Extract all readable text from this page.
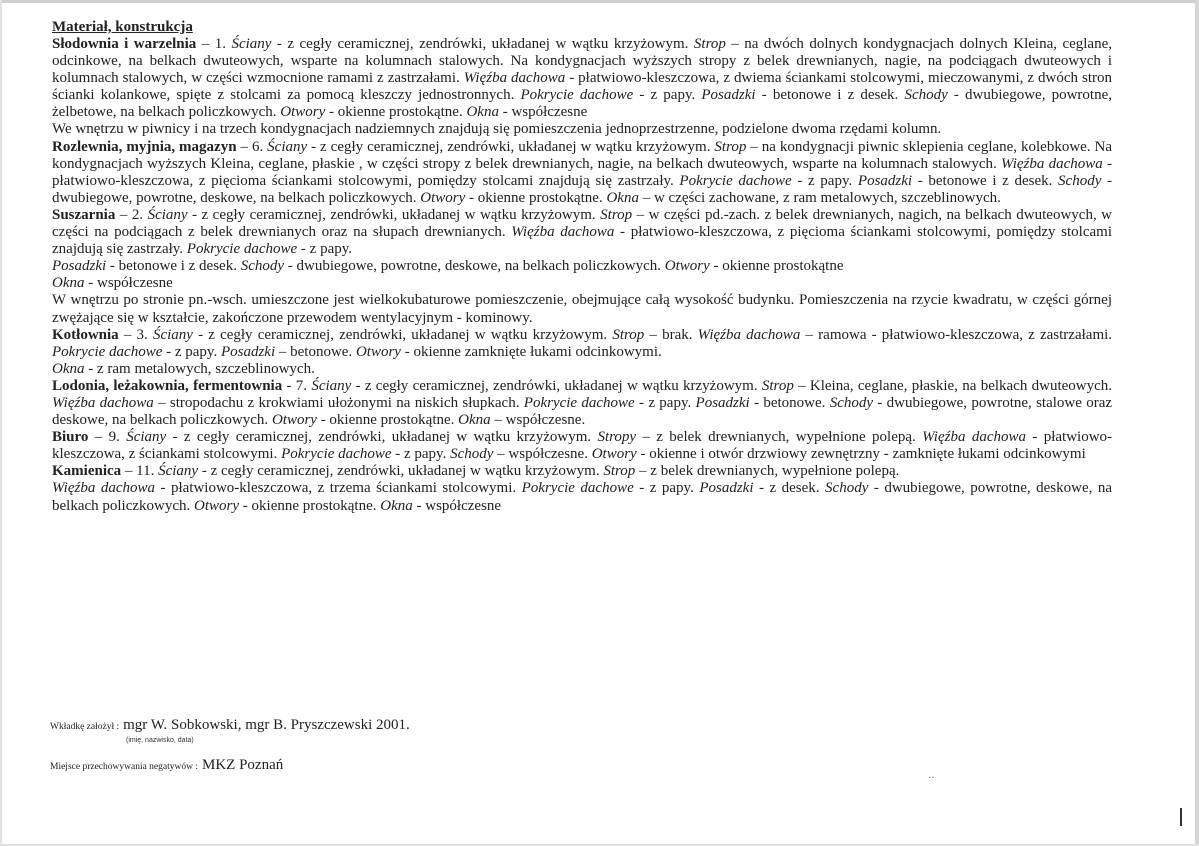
··

Materiał, konstrukcja

Słodownia i warzelnia – 1. Ściany - z cegły ceramicznej, zendrówki, układanej w wątku krzyżowym. Strop – na dwóch dolnych kondygnacjach dolnych Kleina, ceglane, odcinkowe, na belkach dwuteowych, wsparte na kolumnach stalowych. Na kondygnacjach wyższych stropy z belek drewnianych, nagie, na podciągach dwuteowych i kolumnach stalowych, w części wzmocnione ramami z zastrzałami. Więźba dachowa - płatwiowo-kleszczowa, z dwiema ściankami stolcowymi, mieczowanymi, z dwóch stron ścianki kolankowe, spięte z stolcami za pomocą kleszczy jednostronnych. Pokrycie dachowe - z papy. Posadzki - betonowe i z desek. Schody - dwubiegowe, powrotne, żelbetowe, na belkach policzkowych. Otwory - okienne prostokątne. Okna - współczesne

We wnętrzu w piwnicy i na trzech kondygnacjach nadziemnych znajdują się pomieszczenia jednoprzestrzenne, podzielone dwoma rzędami kolumn.

Rozlewnia, myjnia, magazyn – 6. Ściany - z cegły ceramicznej, zendrówki, układanej w wątku krzyżowym. Strop – na kondygnacji piwnic sklepienia ceglane, kolebkowe. Na kondygnacjach wyższych Kleina, ceglane, płaskie , w części stropy z belek drewnianych, nagie, na belkach dwuteowych, wsparte na kolumnach stalowych. Więźba dachowa - płatwiowo-kleszczowa, z pięcioma ściankami stolcowymi, pomiędzy stolcami znajdują się zastrzały. Pokrycie dachowe - z papy. Posadzki - betonowe i z desek. Schody - dwubiegowe, powrotne, deskowe, na belkach policzkowych. Otwory - okienne prostokątne. Okna – w części zachowane, z ram metalowych, szczeblinowych.

Suszarnia – 2. Ściany - z cegły ceramicznej, zendrówki, układanej w wątku krzyżowym. Strop – w części pd.-zach. z belek drewnianych, nagich, na belkach dwuteowych, w części na podciągach z belek drewnianych oraz na słupach drewnianych. Więźba dachowa - płatwiowo-kleszczowa, z pięcioma ściankami stolcowymi, pomiędzy stolcami znajdują się zastrzały. Pokrycie dachowe - z papy.

Posadzki - betonowe i z desek. Schody - dwubiegowe, powrotne, deskowe, na belkach policzkowych. Otwory - okienne prostokątne

Okna - współczesne

W wnętrzu po stronie pn.-wsch. umieszczone jest wielkokubaturowe pomieszczenie, obejmujące całą wysokość budynku. Pomieszczenia na rzycie kwadratu, w części górnej zwężające się w kształcie, zakończone przewodem wentylacyjnym - kominowy.

Kotłownia – 3. Ściany - z cegły ceramicznej, zendrówki, układanej w wątku krzyżowym. Strop – brak. Więźba dachowa – ramowa - płatwiowo-kleszczowa, z zastrzałami. Pokrycie dachowe - z papy. Posadzki – betonowe. Otwory - okienne zamknięte łukami odcinkowymi.

Okna - z ram metalowych, szczeblinowych.

Lodonia, leżakownia, fermentownia - 7. Ściany - z cegły ceramicznej, zendrówki, układanej w wątku krzyżowym. Strop – Kleina, ceglane, płaskie, na belkach dwuteowych. Więźba dachowa – stropodachu z krokwiami ułożonymi na niskich słupkach. Pokrycie dachowe - z papy. Posadzki - betonowe. Schody - dwubiegowe, powrotne, stalowe oraz deskowe, na belkach policzkowych. Otwory - okienne prostokątne. Okna – współczesne.

Biuro – 9. Ściany - z cegły ceramicznej, zendrówki, układanej w wątku krzyżowym. Stropy – z belek drewnianych, wypełnione polepą. Więźba dachowa - płatwiowo-kleszczowa, z ściankami stolcowymi. Pokrycie dachowe - z papy. Schody – współczesne. Otwory - okienne i otwór drzwiowy zewnętrzny - zamknięte łukami odcinkowymi

Kamienica – 11. Ściany - z cegły ceramicznej, zendrówki, układanej w wątku krzyżowym. Strop – z belek drewnianych, wypełnione polepą.

Więźba dachowa - płatwiowo-kleszczowa, z trzema ściankami stolcowymi. Pokrycie dachowe - z papy. Posadzki - z desek. Schody - dwubiegowe, powrotne, deskowe, na belkach policzkowych. Otwory - okienne prostokątne. Okna - współczesne

Wkładkę założył : mgr W. Sobkowski, mgr B. Pryszczewski 2001.
(imię, nazwisko, data)
Miejsce przechowywania negatywów : MKZ Poznań
